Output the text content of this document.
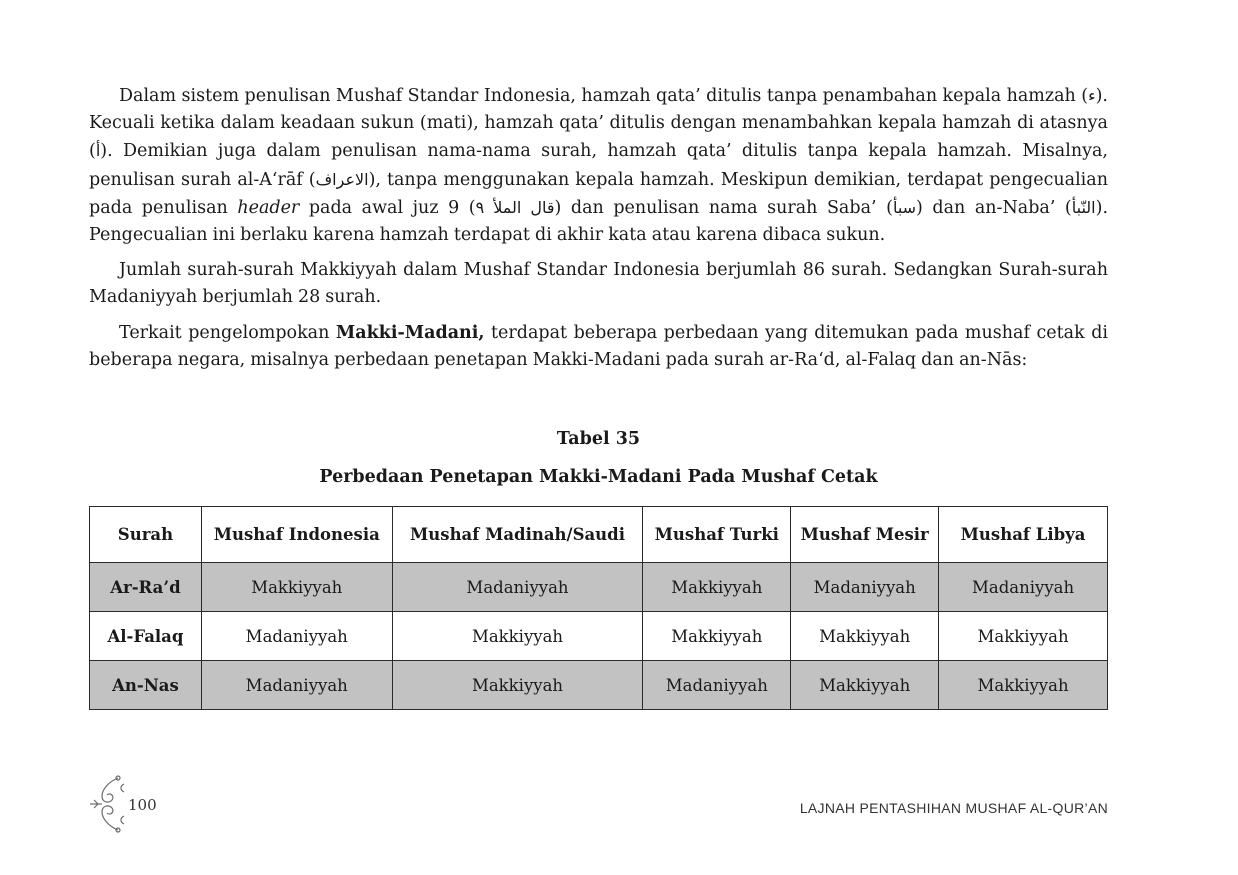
Dalam sistem penulisan Mushaf Standar Indonesia, hamzah qata’ ditulis tanpa penambahan kepala hamzah (ء). Kecuali ketika dalam keadaan sukun (mati), hamzah qata’ ditulis dengan menambahkan kepala hamzah di atasnya (أ). Demikian juga dalam penulisan nama-nama surah, hamzah qata’ ditulis tanpa kepala hamzah. Misalnya, penulisan surah al-A‘rāf (الاعراف), tanpa menggunakan kepala hamzah. Meskipun demikian, terdapat pengecualian pada penulisan header pada awal juz 9 (قال الملأ ٩) dan penulisan nama surah Saba’ (سبأ) dan an-Naba’ (النّبأ). Pengecualian ini berlaku karena hamzah terdapat di akhir kata atau karena dibaca sukun.

Jumlah surah-surah Makkiyyah dalam Mushaf Standar Indonesia berjumlah 86 surah. Sedangkan Surah-surah Madaniyyah berjumlah 28 surah.

Terkait pengelompokan Makki-Madani, terdapat beberapa perbedaan yang ditemukan pada mushaf cetak di beberapa negara, misalnya perbedaan penetapan Makki-Madani pada surah ar-Ra‘d, al-Falaq dan an-Nās:

Tabel 35
Perbedaan Penetapan Makki-Madani Pada Mushaf Cetak
Surah	Mushaf Indonesia	Mushaf Madinah/Saudi	Mushaf Turki	Mushaf Mesir	Mushaf Libya
Ar-Ra’d	Makkiyyah	Madaniyyah	Makkiyyah	Madaniyyah	Madaniyyah
Al-Falaq	Madaniyyah	Makkiyyah	Makkiyyah	Makkiyyah	Makkiyyah
An-Nas	Madaniyyah	Makkiyyah	Madaniyyah	Makkiyyah	Makkiyyah
100	LAJNAH PENTASHIHAN MUSHAF AL-QUR’AN
